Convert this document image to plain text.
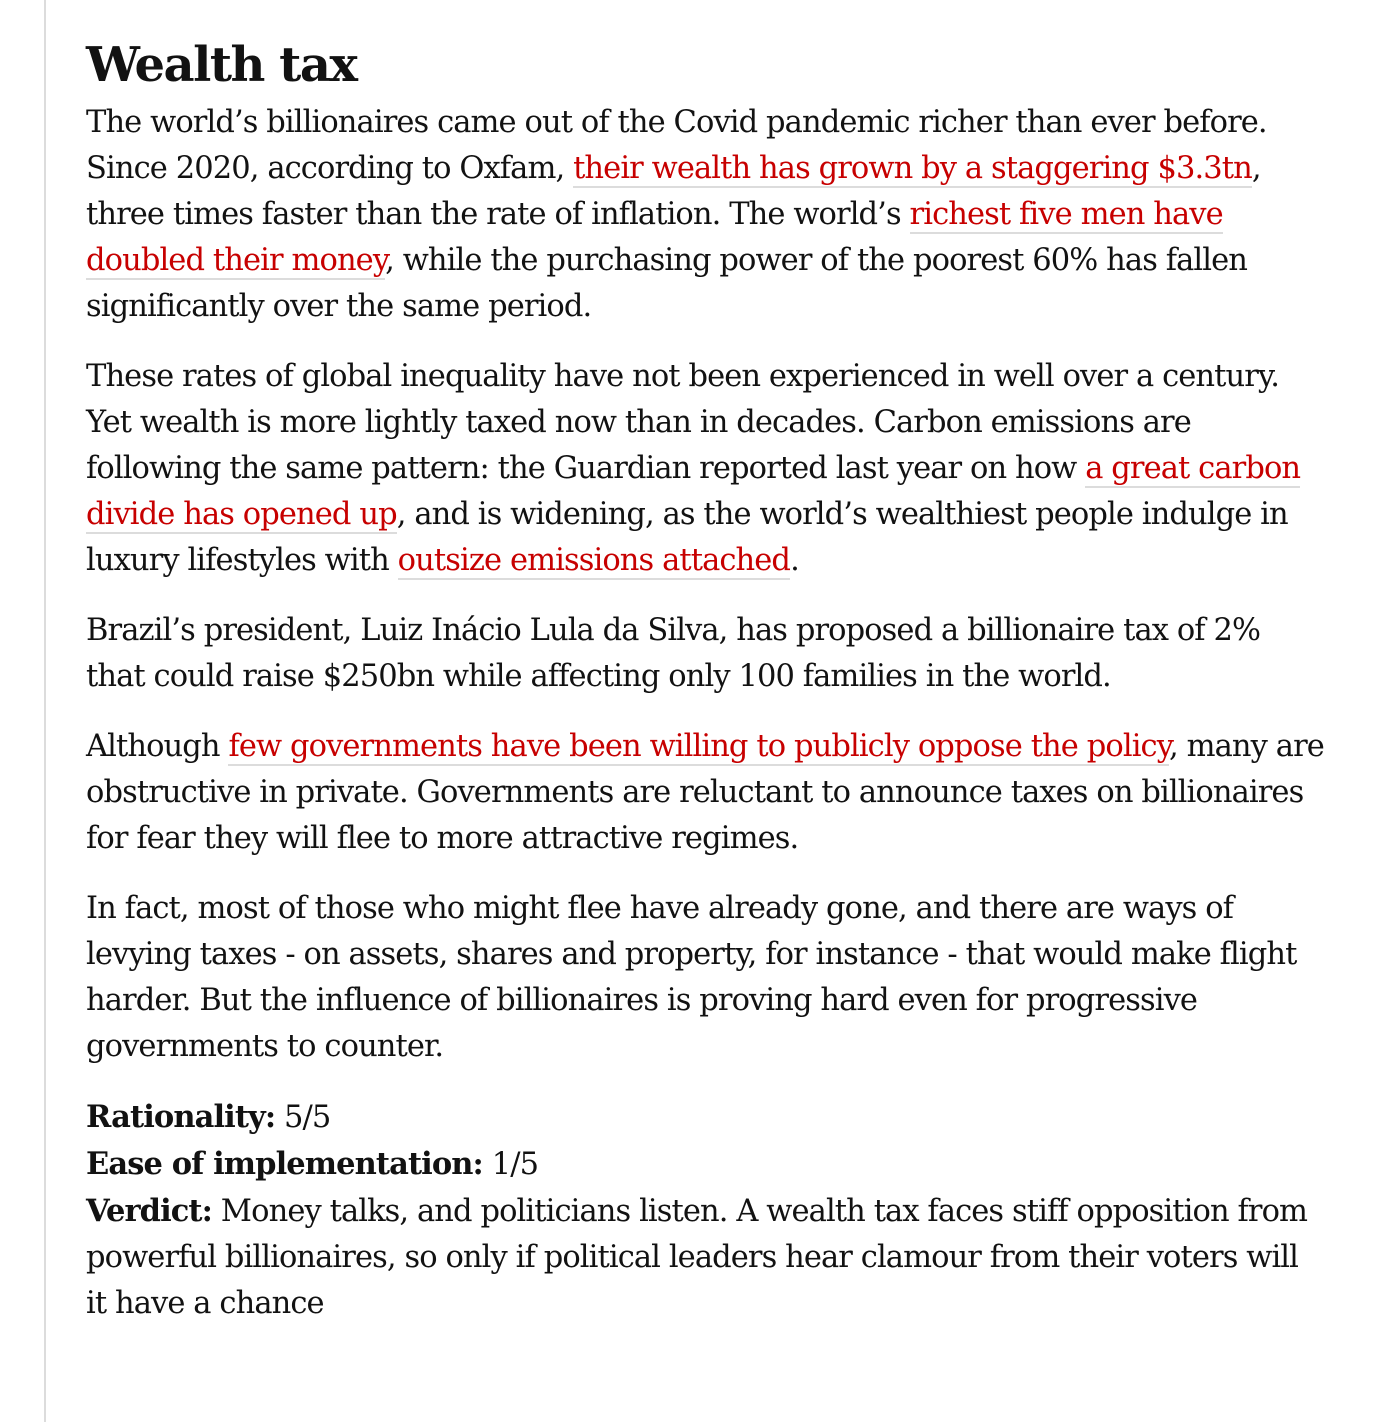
Wealth tax

The world’s billionaires came out of the Covid pandemic richer than ever before. Since 2020, according to Oxfam, their wealth has grown by a staggering $3.3tn, three times faster than the rate of inflation. The world’s richest five men have doubled their money, while the purchasing power of the poorest 60% has fallen significantly over the same period.

These rates of global inequality have not been experienced in well over a century. Yet wealth is more lightly taxed now than in decades. Carbon emissions are following the same pattern: the Guardian reported last year on how a great carbon divide has opened up, and is widening, as the world’s wealthiest people indulge in luxury lifestyles with outsize emissions attached.

Brazil’s president, Luiz Inácio Lula da Silva, has proposed a billionaire tax of 2% that could raise $250bn while affecting only 100 families in the world.

Although few governments have been willing to publicly oppose the policy, many are obstructive in private. Governments are reluctant to announce taxes on billionaires for fear they will flee to more attractive regimes.

In fact, most of those who might flee have already gone, and there are ways of levying taxes - on assets, shares and property, for instance - that would make flight harder. But the influence of billionaires is proving hard even for progressive governments to counter.

Rationality: 5/5
Ease of implementation: 1/5
Verdict: Money talks, and politicians listen. A wealth tax faces stiff opposition from powerful billionaires, so only if political leaders hear clamour from their voters will it have a chance
